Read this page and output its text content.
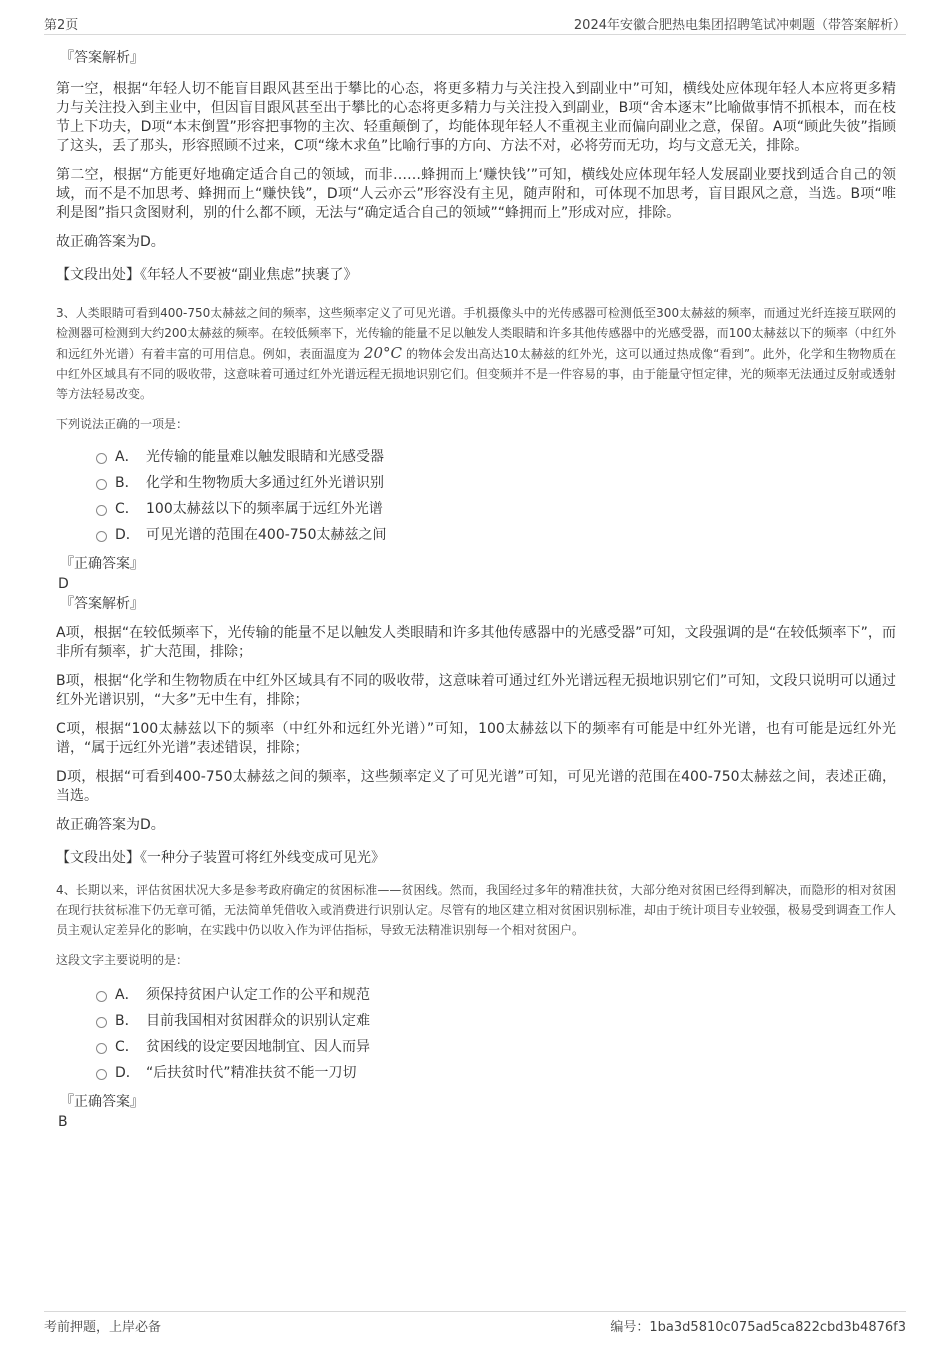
第2页	2024年安徽合肥热电集团招聘笔试冲刺题（带答案解析）

『答案解析』

第一空，根据“年轻人切不能盲目跟风甚至出于攀比的心态，将更多精力与关注投入到副业中”可知，横线处应体现年轻人本应将更多精力与关注投入到主业中，但因盲目跟风甚至出于攀比的心态将更多精力与关注投入到副业，B项“舍本逐末”比喻做事情不抓根本，而在枝节上下功夫，D项“本末倒置”形容把事物的主次、轻重颠倒了，均能体现年轻人不重视主业而偏向副业之意，保留。A项“顾此失彼”指顾了这头，丢了那头，形容照顾不过来，C项“缘木求鱼”比喻行事的方向、方法不对，必将劳而无功，均与文意无关，排除。

第二空，根据“方能更好地确定适合自己的领域，而非……蜂拥而上‘赚快钱’”可知，横线处应体现年轻人发展副业要找到适合自己的领域，而不是不加思考、蜂拥而上“赚快钱”，D项“人云亦云”形容没有主见，随声附和，可体现不加思考，盲目跟风之意，当选。B项“唯利是图”指只贪图财利，别的什么都不顾，无法与“确定适合自己的领域”“蜂拥而上”形成对应，排除。

故正确答案为D。

【文段出处】《年轻人不要被“副业焦虑”挟裹了》

3、人类眼睛可看到400-750太赫兹之间的频率，这些频率定义了可见光谱。手机摄像头中的光传感器可检测低至300太赫兹的频率，而通过光纤连接互联网的检测器可检测到大约200太赫兹的频率。在较低频率下，光传输的能量不足以触发人类眼睛和许多其他传感器中的光感受器，而100太赫兹以下的频率（中红外和远红外光谱）有着丰富的可用信息。例如，表面温度为 20°C 的物体会发出高达10太赫兹的红外光，这可以通过热成像“看到”。此外，化学和生物物质在中红外区域具有不同的吸收带，这意味着可通过红外光谱远程无损地识别它们。但变频并不是一件容易的事，由于能量守恒定律，光的频率无法通过反射或透射等方法轻易改变。

下列说法正确的一项是：

A． 光传输的能量难以触发眼睛和光感受器
B． 化学和生物物质大多通过红外光谱识别
C． 100太赫兹以下的频率属于远红外光谱
D． 可见光谱的范围在400-750太赫兹之间

『正确答案』

D

『答案解析』

A项，根据“在较低频率下，光传输的能量不足以触发人类眼睛和许多其他传感器中的光感受器”可知，文段强调的是“在较低频率下”，而非所有频率，扩大范围，排除；

B项，根据“化学和生物物质在中红外区域具有不同的吸收带，这意味着可通过红外光谱远程无损地识别它们”可知，文段只说明可以通过红外光谱识别，“大多”无中生有，排除；

C项，根据“100太赫兹以下的频率（中红外和远红外光谱）”可知，100太赫兹以下的频率有可能是中红外光谱，也有可能是远红外光谱，“属于远红外光谱”表述错误，排除；

D项，根据“可看到400-750太赫兹之间的频率，这些频率定义了可见光谱”可知，可见光谱的范围在400-750太赫兹之间，表述正确，当选。

故正确答案为D。

【文段出处】《一种分子装置可将红外线变成可见光》

4、长期以来，评估贫困状况大多是参考政府确定的贫困标准——贫困线。然而，我国经过多年的精准扶贫，大部分绝对贫困已经得到解决，而隐形的相对贫困在现行扶贫标准下仍无章可循，无法简单凭借收入或消费进行识别认定。尽管有的地区建立相对贫困识别标准，却由于统计项目专业较强，极易受到调查工作人员主观认定差异化的影响，在实践中仍以收入作为评估指标，导致无法精准识别每一个相对贫困户。

这段文字主要说明的是：

A． 须保持贫困户认定工作的公平和规范
B． 目前我国相对贫困群众的识别认定难
C． 贫困线的设定要因地制宜、因人而异
D． “后扶贫时代”精准扶贫不能一刀切

『正确答案』

B

考前押题，上岸必备	编号：1ba3d5810c075ad5ca822cbd3b4876f3
